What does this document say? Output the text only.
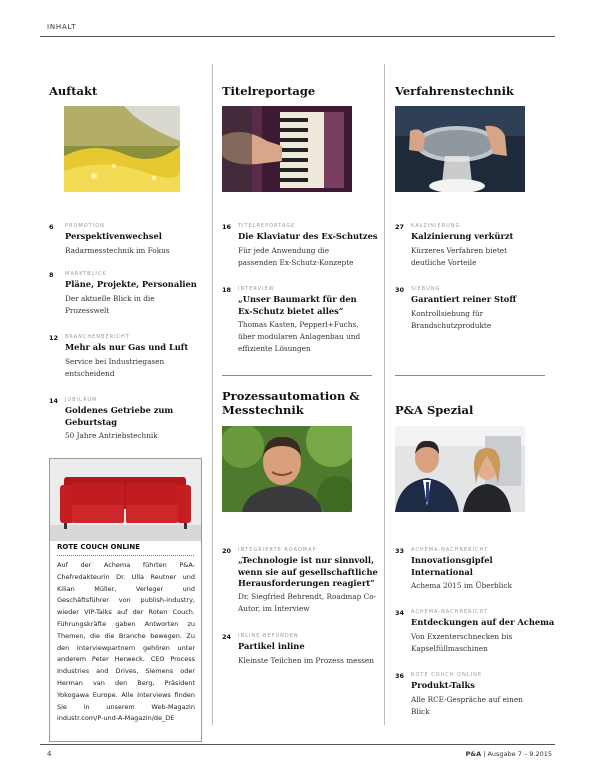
INHALT
Auftakt
6 PROMOTION
Perspektivenwechsel
Radarmesstechnik im Fokus
8 MARKTBLICK
Pläne, Projekte, Personalien
Der aktuelle Blick in die Prozesswelt
12 BRANCHENBERICHT
Mehr als nur Gas und Luft
Service bei Industriegasen entscheidend
14 JUBILÄUM
Goldenes Getriebe zum Geburtstag
50 Jahre Antriebstechnik
ROTE COUCH ONLINE
Auf der Achema führten P&A-Chefredakteurin Dr. Ulla Reutner und Kilian Müller, Verleger und Geschäftsführer von publish-industry, wieder VIP-Talks auf der Roten Couch. Führungskräfte gaben Antworten zu Themen, die die Branche bewegen. Zu den Interviewpartnern gehören unter anderem Peter Herweck, CEO Process Industries and Drives, Siemens oder Herman van den Berg, Präsident Yokogawa Europe. Alle Interviews finden Sie in unserem Web-Magazin industr.com/P-und-A-Magazin/de_DE
Titelreportage
16 TITELREPORTAGE
Die Klaviatur des Ex-Schutzes
Für jede Anwendung die passenden Ex-Schutz-Konzepte
18 INTERVIEW
„Unser Baumarkt für den Ex-Schutz bietet alles“
Thomas Kasten, Pepperl+Fuchs, über modularen Anlagenbau und effiziente Lösungen
Prozessautomation & Messtechnik
20 INTEGRIERTE ROADMAP
„Technologie ist nur sinnvoll, wenn sie auf gesellschaftliche Herausforderungen reagiert“
Dr. Siegfried Behrendt, Roadmap Co-Autor, im Interview
24 INLINE-BEFUNDEN
Partikel inline
Kleinste Teilchen im Prozess messen
Verfahrenstechnik
27 KALZINIERUNG
Kalzinierung verkürzt
Kürzeres Verfahren bietet deutliche Vorteile
30 SIEBUNG
Garantiert reiner Stoff
Kontrollsiebung für Brandschutzprodukte
P&A Spezial
33 ACHEMA-NACHBERICHT
Innovationsgipfel International
Achema 2015 im Überblick
34 ACHEMA-NACHBERICHT
Entdeckungen auf der Achema
Von Exzenterschnecken bis Kapselfüllmaschinen
36 ROTE COUCH ONLINE
Produkt-Talks
Alle RCE-Gespräche auf einen Blick
4	P&A | Ausgabe 7 – 9.2015
